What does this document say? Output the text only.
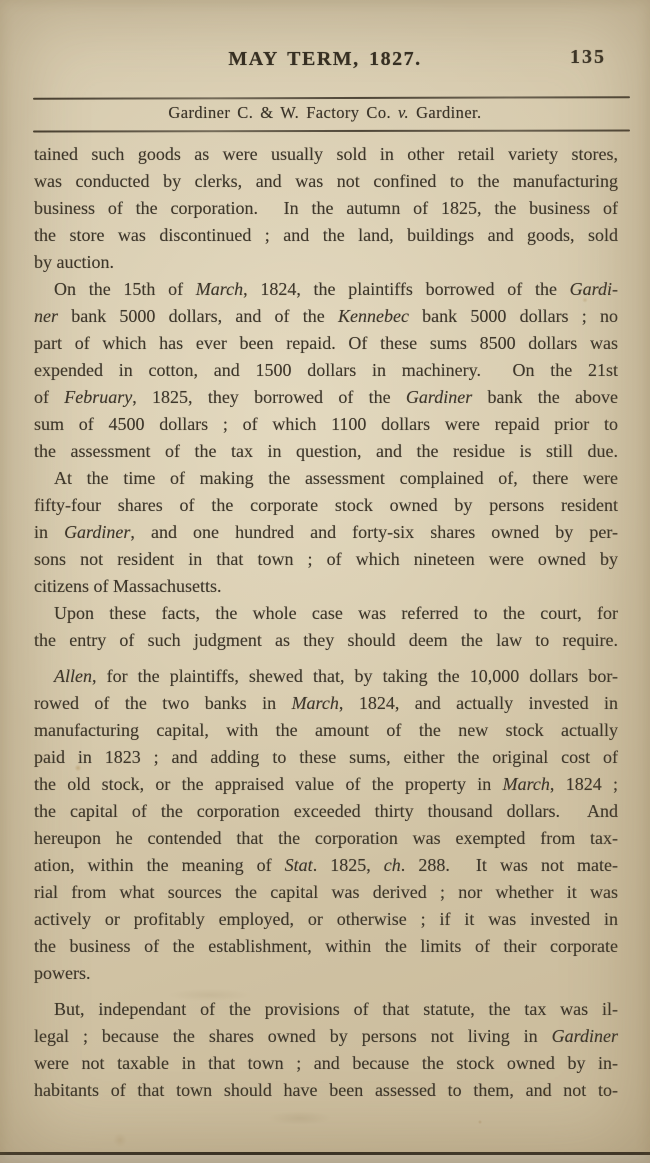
MAY TERM, 1827.	135
Gardiner C. & W. Factory Co. v. Gardiner.
tained such goods as were usually sold in other retail variety stores,
was conducted by clerks, and was not confined to the manufacturing
business of the corporation.  In the autumn of 1825, the business of
the store was discontinued ; and the land, buildings and goods, sold
by auction.
On the 15th of March, 1824, the plaintiffs borrowed of the Gardi-
ner bank 5000 dollars, and of the Kennebec bank 5000 dollars ; no
part of which has ever been repaid. Of these sums 8500 dollars was
expended in cotton, and 1500 dollars in machinery.  On the 21st
of February, 1825, they borrowed of the Gardiner bank the above
sum of 4500 dollars ; of which 1100 dollars were repaid prior to
the assessment of the tax in question, and the residue is still due.
At the time of making the assessment complained of, there were
fifty-four shares of the corporate stock owned by persons resident
in Gardiner, and one hundred and forty-six shares owned by per-
sons not resident in that town ; of which nineteen were owned by
citizens of Massachusetts.
Upon these facts, the whole case was referred to the court, for
the entry of such judgment as they should deem the law to require.
Allen, for the plaintiffs, shewed that, by taking the 10,000 dollars bor-
rowed of the two banks in March, 1824, and actually invested in
manufacturing capital, with the amount of the new stock actually
paid in 1823 ; and adding to these sums, either the original cost of
the old stock, or the appraised value of the property in March, 1824 ;
the capital of the corporation exceeded thirty thousand dollars.  And
hereupon he contended that the corporation was exempted from tax-
ation, within the meaning of Stat. 1825, ch. 288.  It was not mate-
rial from what sources the capital was derived ; nor whether it was
actively or profitably employed, or otherwise ; if it was invested in
the business of the establishment, within the limits of their corporate
powers.
But, independant of the provisions of that statute, the tax was il-
legal ; because the shares owned by persons not living in Gardiner
were not taxable in that town ; and because the stock owned by in-
habitants of that town should have been assessed to them, and not to-
